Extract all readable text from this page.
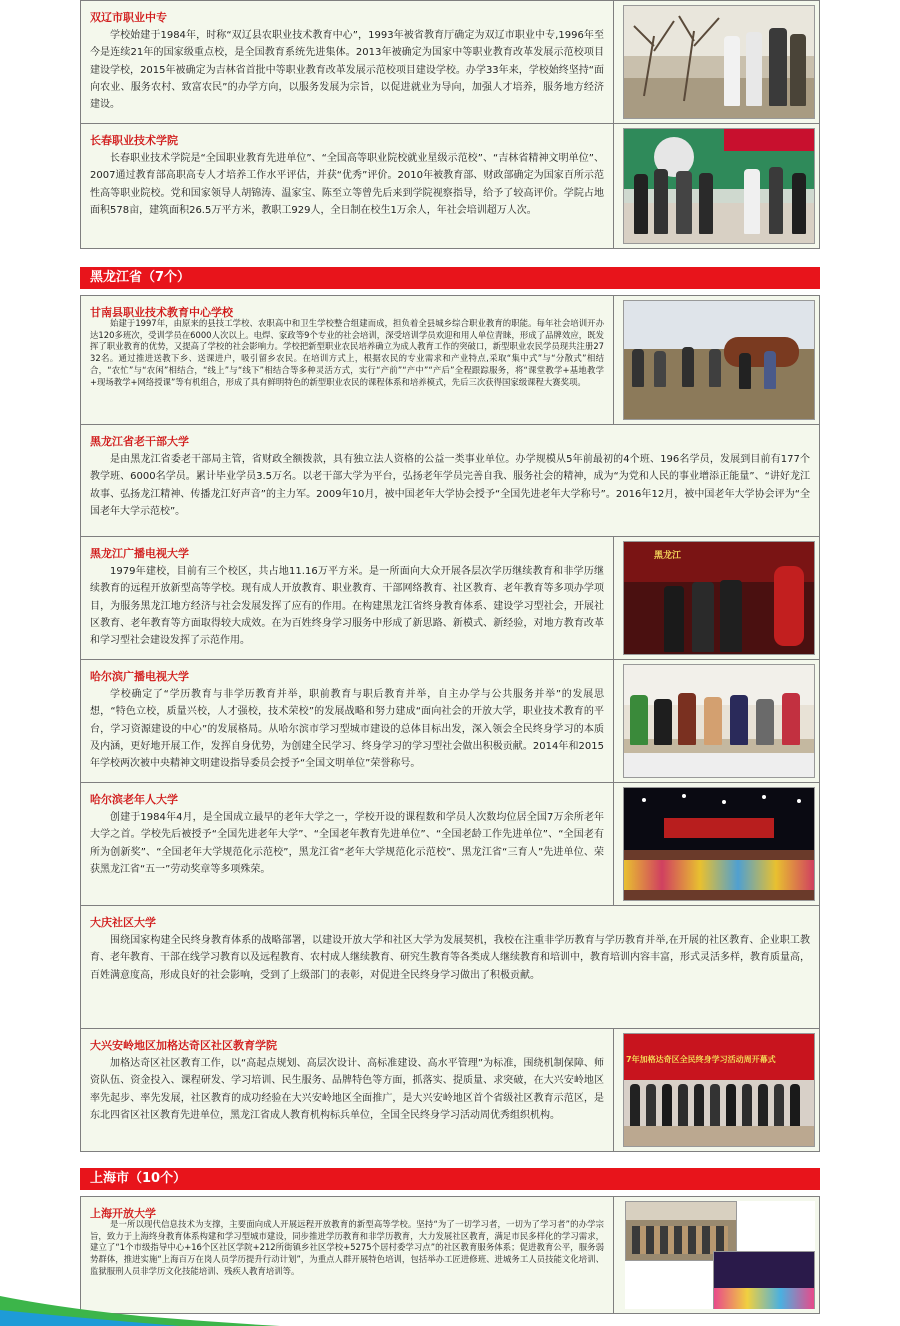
双辽市职业中专
学校始建于1984年，时称“双辽县农职业技术教育中心”，1993年被省教育厅确定为双辽市职业中专,1996年至今是连续21年的国家级重点校，是全国教育系统先进集体。2013年被确定为国家中等职业教育改革发展示范校项目建设学校，2015年被确定为吉林省首批中等职业教育改革发展示范校项目建设学校。办学33年来，学校始终坚持“面向农业、服务农村、致富农民”的办学方向，以服务发展为宗旨，以促进就业为导向，加强人才培养，服务地方经济建设。
长春职业技术学院
长春职业技术学院是“全国职业教育先进单位”、“全国高等职业院校就业星级示范校”、“吉林省精神文明单位”、2007通过教育部高职高专人才培养工作水平评估，并获“优秀”评价。2010年被教育部、财政部确定为国家百所示范性高等职业院校。党和国家领导人胡锦涛、温家宝、陈至立等曾先后来到学院视察指导，给予了较高评价。学院占地面积578亩，建筑面积26.5万平方米，教职工929人，全日制在校生1万余人，年社会培训超万人次。
黑龙江省（7个）
甘南县职业技术教育中心学校
始建于1997年，由原来的县技工学校、农职高中和卫生学校整合组建而成，担负着全县城乡综合职业教育的职能。每年社会培训开办达120多班次，受训学员在6000人次以上。电焊、家政等9个专业的社会培训，深受培训学员欢迎和用人单位青睐，形成了品牌效应，既发挥了职业教育的优势，又提高了学校的社会影响力。学校把新型职业农民培养确立为成人教育工作的突破口，新型职业农民学员现共注册2732名。通过推进送教下乡、送课进户，吸引留乡农民。在培训方式上，根据农民的专业需求和产业特点,采取“集中式”与“分散式”相结合，“农忙”与“农闲”相结合，“线上”与“线下”相结合等多种灵活方式，实行“产前”“产中”“产后”全程跟踪服务，将“课堂教学+基地教学+现场教学+网络授课”等有机组合，形成了具有鲜明特色的新型职业农民的课程体系和培养模式，先后三次获得国家级课程大赛奖项。
黑龙江省老干部大学
是由黑龙江省委老干部局主管，省财政全额拨款，具有独立法人资格的公益一类事业单位。办学规模从5年前最初的4个班、196名学员，发展到目前有177个教学班、6000名学员。累计毕业学员3.5万名。以老干部大学为平台，弘扬老年学员完善自我、服务社会的精神，成为“为党和人民的事业增添正能量”、“讲好龙江故事、弘扬龙江精神、传播龙江好声音”的主力军。2009年10月，被中国老年大学协会授予“全国先进老年大学称号”。2016年12月，被中国老年大学协会评为“全国老年大学示范校”。
黑龙江广播电视大学
1979年建校，目前有三个校区，共占地11.16万平方米。是一所面向大众开展各层次学历继续教育和非学历继续教育的远程开放新型高等学校。现有成人开放教育、职业教育、干部网络教育、社区教育、老年教育等多项办学项目，为服务黑龙江地方经济与社会发展发挥了应有的作用。在构建黑龙江省终身教育体系、建设学习型社会，开展社区教育、老年教育等方面取得较大成效。在为百姓终身学习服务中形成了新思路、新模式、新经验，对地方教育改革和学习型社会建设发挥了示范作用。
黑龙江
哈尔滨广播电视大学
学校确定了“学历教育与非学历教育并举，职前教育与职后教育并举，自主办学与公共服务并举”的发展思想，“特色立校，质量兴校，人才强校，技术荣校”的发展战略和努力建成“面向社会的开放大学，职业技术教育的平台，学习资源建设的中心”的发展格局。从哈尔滨市学习型城市建设的总体目标出发，深入领会全民终身学习的本质及内涵，更好地开展工作，发挥自身优势，为创建全民学习、终身学习的学习型社会做出积极贡献。2014年和2015年学校两次被中央精神文明建设指导委员会授予“全国文明单位”荣誉称号。
哈尔滨老年人大学
创建于1984年4月，是全国成立最早的老年大学之一，学校开设的课程数和学员人次数均位居全国7万余所老年大学之首。学校先后被授予“全国先进老年大学”、“全国老年教育先进单位”、“全国老龄工作先进单位”、“全国老有所为创新奖”、“全国老年大学规范化示范校”，黑龙江省“老年大学规范化示范校”、黑龙江省“三育人”先进单位、荣获黑龙江省“五一”劳动奖章等多项殊荣。
大庆社区大学
围绕国家构建全民终身教育体系的战略部署，以建设开放大学和社区大学为发展契机，我校在注重非学历教育与学历教育并举,在开展的社区教育、企业职工教育、老年教育、干部在线学习教育以及远程教育、农村成人继续教育、研究生教育等各类成人继续教育和培训中，教育培训内容丰富，形式灵活多样，教育质量高，百姓满意度高，形成良好的社会影响，受到了上级部门的表彰，对促进全民终身学习做出了积极贡献。
大兴安岭地区加格达奇区社区教育学院
加格达奇区社区教育工作，以“高起点规划、高层次设计、高标准建设、高水平管理”为标准，围绕机制保障、师资队伍、资金投入、课程研发、学习培训、民生服务、品牌特色等方面，抓落实、提质量、求突破，在大兴安岭地区率先起步、率先发展，社区教育的成功经验在大兴安岭地区全面推广，是大兴安岭地区首个省级社区教育示范区，是东北四省区社区教育先进单位，黑龙江省成人教育机构标兵单位，全国全民终身学习活动周优秀组织机构。
7年加格达奇区全民终身学习活动周开幕式
上海市（10个）
上海开放大学
是一所以现代信息技术为支撑，主要面向成人开展远程开放教育的新型高等学校。坚持“为了一切学习者，一切为了学习者”的办学宗旨，致力于上海终身教育体系构建和学习型城市建设，同步推进学历教育和非学历教育，大力发展社区教育，满足市民多样化的学习需求，建立了“1个市级指导中心+16个区社区学院+212所街镇乡社区学校+5275个居村委学习点”的社区教育服务体系；促进教育公平，服务弱势群体，推进实施“上海百万在岗人员学历提升行动计划”，为重点人群开展特色培训，包括举办工匠进修班、进城务工人员技能文化培训、监狱服刑人员非学历文化技能培训、残疾人教育培训等。
